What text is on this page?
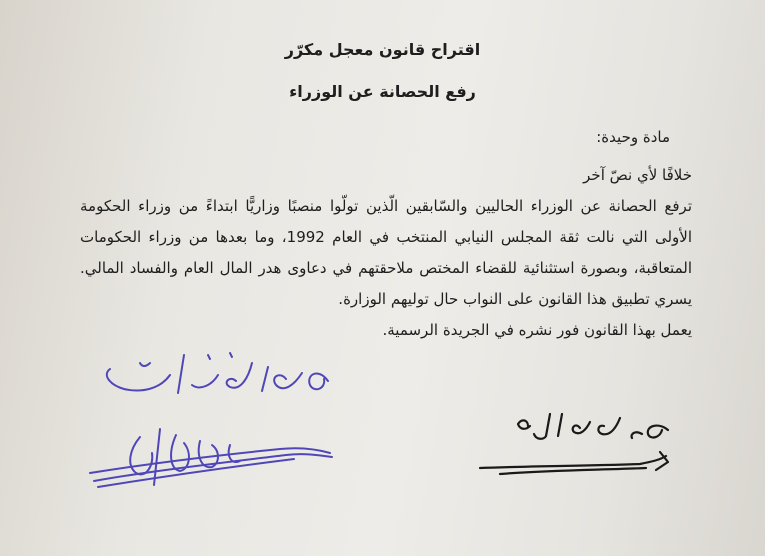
اقتراح قانون معجل مكرّر
رفع الحصانة عن الوزراء
مادة وحيدة:

خلافًا لأي نصّ آخر

ترفع الحصانة عن الوزراء الحاليين والسّابقين الّذين تولّوا منصبًا وزاريًّا ابتداءً من وزراء الحكومة الأولى التي نالت ثقة المجلس النيابي المنتخب في العام 1992، وما بعدها من وزراء الحكومات المتعاقبة، وبصورة استثنائية للقضاء المختص ملاحقتهم في دعاوى هدر المال العام والفساد المالي. يسري تطبيق هذا القانون على النواب حال توليهم الوزارة.

يعمل بهذا القانون فور نشره في الجريدة الرسمية.
